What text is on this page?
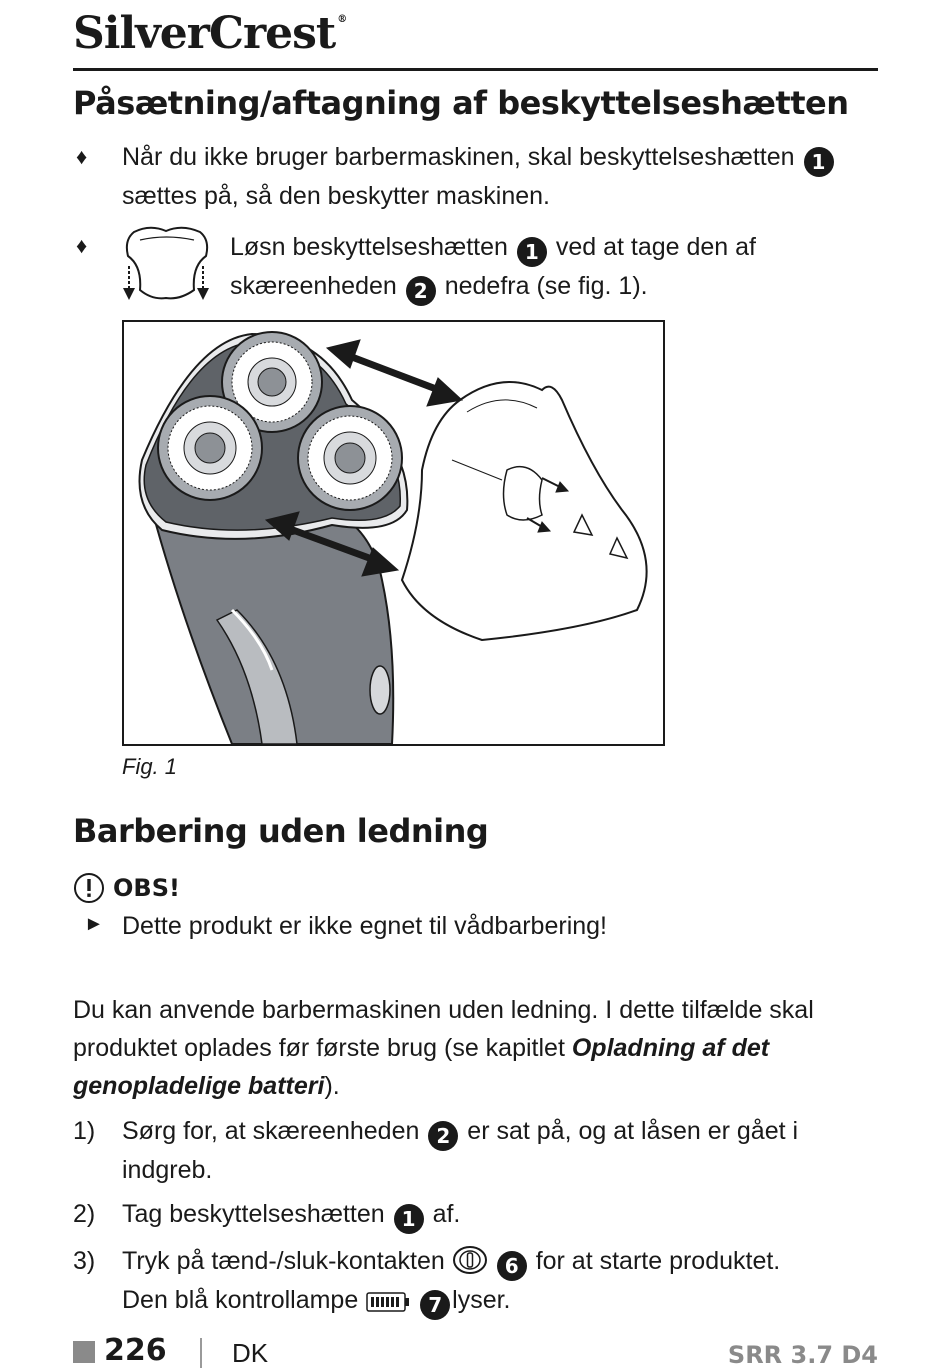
SilverCrest ®
Påsætning/aftagning af beskyttelseshætten
♦ Når du ikke bruger barbermaskinen, skal beskyttelseshætten 1
sættes på, så den beskytter maskinen.

♦	Løsn beskyttelseshætten 1 ved at tage den af
skæreenheden 2 nedefra (se fig. 1).

Fig. 1
Barbering uden ledning
OBS!
► Dette produkt er ikke egnet til vådbarbering!

Du kan anvende barbermaskinen uden ledning. I dette tilfælde skal
produktet oplades før første brug (se kapitlet Opladning af det
genopladelige batteri).

1) Sørg for, at skæreenheden 2 er sat på, og at låsen er gået i
indgreb.

2) Tag beskyttelseshætten 1 af.

3) Tryk på tænd-/sluk-kontakten	6 for at starte produktet.
Den blå kontrollampe	7 lyser.

226	DK	SRR 3.7 D4
